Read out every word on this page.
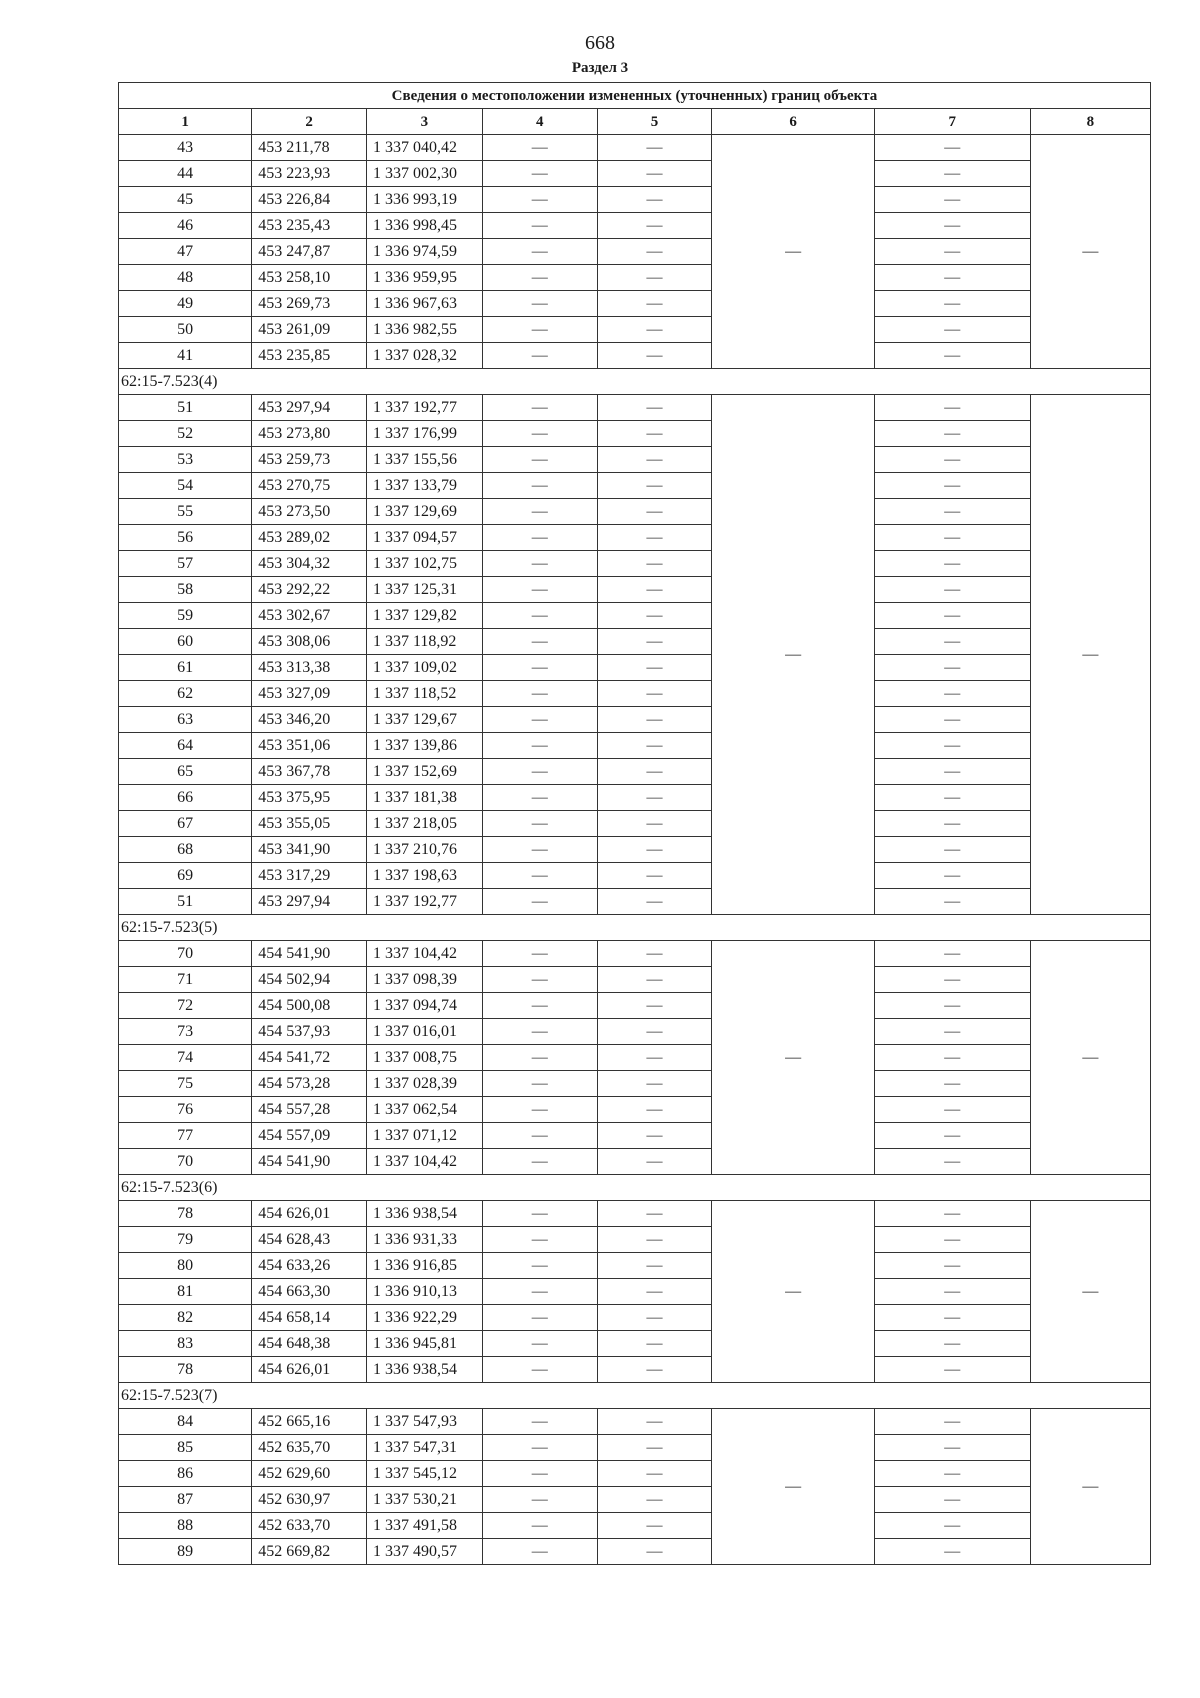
668
Раздел 3
Сведения о местоположении измененных (уточненных) границ объекта							
1	2	3	4	5	6	7	8
43	453 211,78	1 337 040,42	—	—	—	—	—
44	453 223,93	1 337 002,30	—	—		—	
45	453 226,84	1 336 993,19	—	—		—	
46	453 235,43	1 336 998,45	—	—		—	
47	453 247,87	1 336 974,59	—	—		—	
48	453 258,10	1 336 959,95	—	—		—	
49	453 269,73	1 336 967,63	—	—		—	
50	453 261,09	1 336 982,55	—	—		—	
41	453 235,85	1 337 028,32	—	—		—	
62:15-7.523(4)							
51	453 297,94	1 337 192,77	—	—	—	—	—
52	453 273,80	1 337 176,99	—	—		—	
53	453 259,73	1 337 155,56	—	—		—	
54	453 270,75	1 337 133,79	—	—		—	
55	453 273,50	1 337 129,69	—	—		—	
56	453 289,02	1 337 094,57	—	—		—	
57	453 304,32	1 337 102,75	—	—		—	
58	453 292,22	1 337 125,31	—	—		—	
59	453 302,67	1 337 129,82	—	—		—	
60	453 308,06	1 337 118,92	—	—		—	
61	453 313,38	1 337 109,02	—	—		—	
62	453 327,09	1 337 118,52	—	—		—	
63	453 346,20	1 337 129,67	—	—		—	
64	453 351,06	1 337 139,86	—	—		—	
65	453 367,78	1 337 152,69	—	—		—	
66	453 375,95	1 337 181,38	—	—		—	
67	453 355,05	1 337 218,05	—	—		—	
68	453 341,90	1 337 210,76	—	—		—	
69	453 317,29	1 337 198,63	—	—		—	
51	453 297,94	1 337 192,77	—	—		—	
62:15-7.523(5)							
70	454 541,90	1 337 104,42	—	—	—	—	—
71	454 502,94	1 337 098,39	—	—		—	
72	454 500,08	1 337 094,74	—	—		—	
73	454 537,93	1 337 016,01	—	—		—	
74	454 541,72	1 337 008,75	—	—		—	
75	454 573,28	1 337 028,39	—	—		—	
76	454 557,28	1 337 062,54	—	—		—	
77	454 557,09	1 337 071,12	—	—		—	
70	454 541,90	1 337 104,42	—	—		—	
62:15-7.523(6)							
78	454 626,01	1 336 938,54	—	—	—	—	—
79	454 628,43	1 336 931,33	—	—		—	
80	454 633,26	1 336 916,85	—	—		—	
81	454 663,30	1 336 910,13	—	—		—	
82	454 658,14	1 336 922,29	—	—		—	
83	454 648,38	1 336 945,81	—	—		—	
78	454 626,01	1 336 938,54	—	—		—	
62:15-7.523(7)							
84	452 665,16	1 337 547,93	—	—	—	—	—
85	452 635,70	1 337 547,31	—	—		—	
86	452 629,60	1 337 545,12	—	—		—	
87	452 630,97	1 337 530,21	—	—		—	
88	452 633,70	1 337 491,58	—	—		—	
89	452 669,82	1 337 490,57	—	—		—	
